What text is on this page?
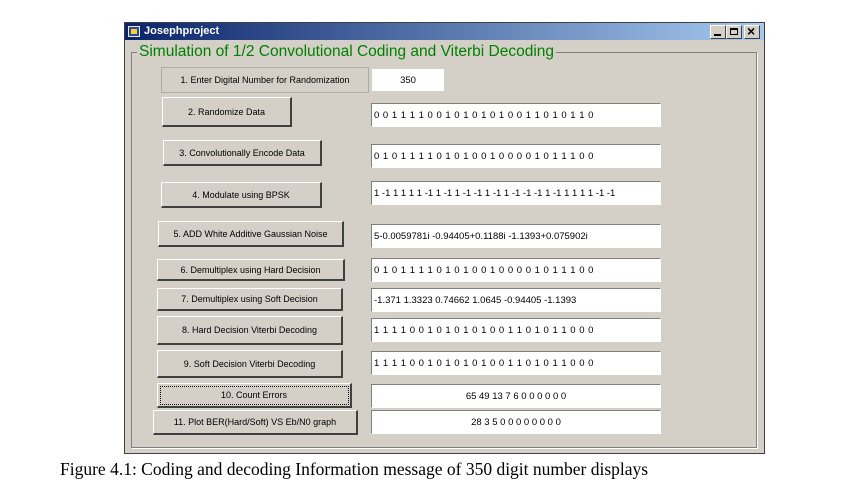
Josephproject
×
Simulation of 1/2 Convolutional Coding and Viterbi Decoding
1. Enter Digital Number for Randomization	350
2. Randomize Data	0 0 1 1 1 1 0 0 1 0 1 0 1 0 1 0 0 1 1 0 1 0 1 1 0
3. Convolutionally Encode Data	0 1 0 1 1 1 1 0 1 0 1 0 0 1 0 0 0 0 1 0 1 1 1 0 0
4. Modulate using BPSK	1 -1 1 1 1 1 -1 1 -1 1 -1 -1 1 -1 1 -1 -1 -1 1 -1 1 1 1 1 -1 -1
5. ADD White Additive Gaussian Noise	5-0.0059781i -0.94405+0.1188i -1.1393+0.075902i
6. Demultiplex using Hard Decision	0 1 0 1 1 1 1 0 1 0 1 0 0 1 0 0 0 0 1 0 1 1 1 0 0
7. Demultiplex using Soft Decision	-1.371 1.3323 0.74662 1.0645 -0.94405 -1.1393
8. Hard Decision Viterbi Decoding	1 1 1 1 0 0 1 0 1 0 1 0 1 0 0 1 1 0 1 0 1 1 0 0 0
9. Soft Decision Viterbi Decoding	1 1 1 1 0 0 1 0 1 0 1 0 1 0 0 1 1 0 1 0 1 1 0 0 0
10. Count Errors	65 49 13 7 6 0 0 0 0 0 0
11. Plot BER(Hard/Soft) VS Eb/N0 graph	28 3 5 0 0 0 0 0 0 0 0
Figure 4.1: Coding and decoding Information message of 350 digit number displays
